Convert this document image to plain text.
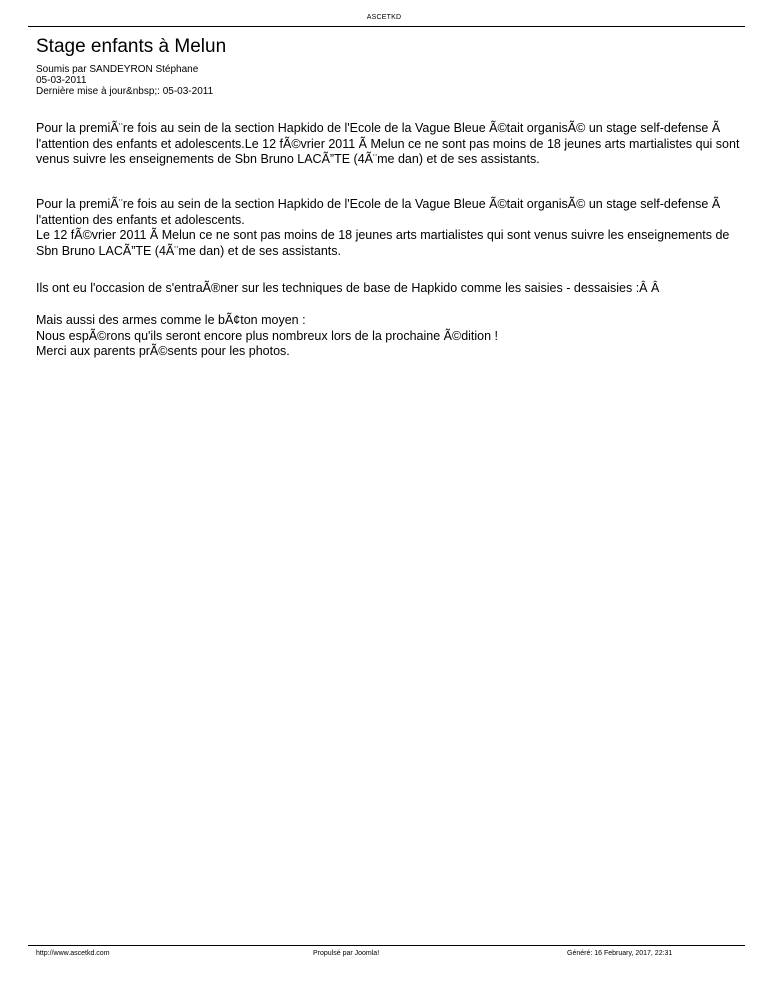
ASCETKD
Stage enfants à Melun
Soumis par SANDEYRON Stéphane
05-03-2011
Dernière mise à jour&nbsp;: 05-03-2011

Pour la premiÃ¨re fois au sein de la section Hapkido de l'Ecole de la Vague Bleue Ã©tait organisÃ© un stage self-defense Ã l'attention des enfants et adolescents.Le 12 fÃ©vrier 2011 Ã Melun ce ne sont pas moins de 18 jeunes arts martialistes qui sont venus suivre les enseignements de Sbn Bruno LACÃ”TE (4Ã¨me dan) et de ses assistants.

Pour la premiÃ¨re fois au sein de la section Hapkido de l'Ecole de la Vague Bleue Ã©tait organisÃ© un stage self-defense Ã l'attention des enfants et adolescents.

Le 12 fÃ©vrier 2011 Ã Melun ce ne sont pas moins de 18 jeunes arts martialistes qui sont venus suivre les enseignements de Sbn Bruno LACÃ”TE (4Ã¨me dan) et de ses assistants.

Ils ont eu l'occasion de s'entraÃ®ner sur les techniques de base de Hapkido comme les saisies - dessaisies :Â Â

Mais aussi des armes comme le bÃ¢ton moyen :

Nous espÃ©rons qu'ils seront encore plus nombreux lors de la prochaine Ã©dition !

Merci aux parents prÃ©sents pour les photos.

http://www.ascetkd.com	Propulsé par Joomla!	Généré: 16 February, 2017, 22:31
